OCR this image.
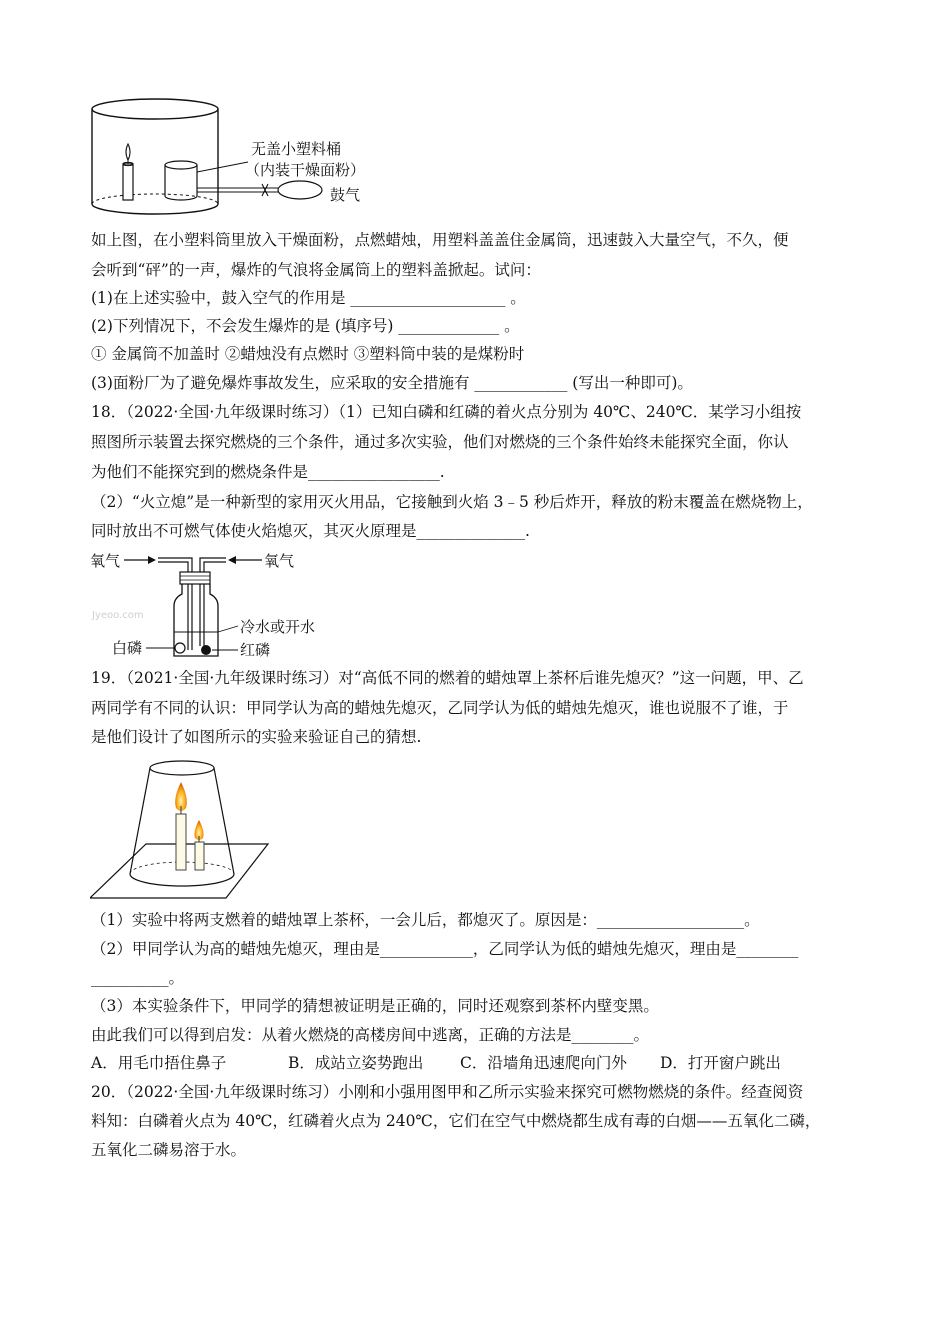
无盖小塑料桶
（内装干燥面粉）
鼓气
如上图，在小塑料筒里放入干燥面粉，点燃蜡烛，用塑料盖盖住金属筒，迅速鼓入大量空气，不久，便
会听到“砰”的一声，爆炸的气浪将金属筒上的塑料盖掀起。试问：
(1)在上述实验中，鼓入空气的作用是 ____________________ 。
(2)下列情况下，不会发生爆炸的是 (填序号) _____________ 。
① 金属筒不加盖时 ②蜡烛没有点燃时 ③塑料筒中装的是煤粉时
(3)面粉厂为了避免爆炸事故发生，应采取的安全措施有 ____________ (写出一种即可)。
18．（2022·全国·九年级课时练习）（1）已知白磷和红磷的着火点分别为 40℃、240℃．某学习小组按
照图所示装置去探究燃烧的三个条件，通过多次实验，他们对燃烧的三个条件始终未能探究全面，你认
为他们不能探究到的燃烧条件是_________________.
（2）“火立熄”是一种新型的家用灭火用品，它接触到火焰 3﹣5 秒后炸开，释放的粉末覆盖在燃烧物上，
同时放出不可燃气体使火焰熄灭，其灭火原理是______________.
氧气	氧气
Jyeoo.com
冷水或开水
红磷
白磷
19．（2021·全国·九年级课时练习）对“高低不同的燃着的蜡烛罩上茶杯后谁先熄灭？”这一问题，甲、乙
两同学有不同的认识：甲同学认为高的蜡烛先熄灭，乙同学认为低的蜡烛先熄灭，谁也说服不了谁，于
是他们设计了如图所示的实验来验证自己的猜想.
（1）实验中将两支燃着的蜡烛罩上茶杯，一会儿后，都熄灭了。原因是：___________________。
（2）甲同学认为高的蜡烛先熄灭，理由是____________，乙同学认为低的蜡烛先熄灭，理由是________
__________。
（3）本实验条件下，甲同学的猜想被证明是正确的，同时还观察到茶杯内壁变黑。
由此我们可以得到启发：从着火燃烧的高楼房间中逃离，正确的方法是________。
A．用毛巾捂住鼻子	B．成站立姿势跑出 C．沿墙角迅速爬向门外 D．打开窗户跳出
20．（2022·全国·九年级课时练习）小刚和小强用图甲和乙所示实验来探究可燃物燃烧的条件。经查阅资
料知：白磷着火点为 40℃，红磷着火点为 240℃，它们在空气中燃烧都生成有毒的白烟——五氧化二磷，
五氧化二磷易溶于水。
